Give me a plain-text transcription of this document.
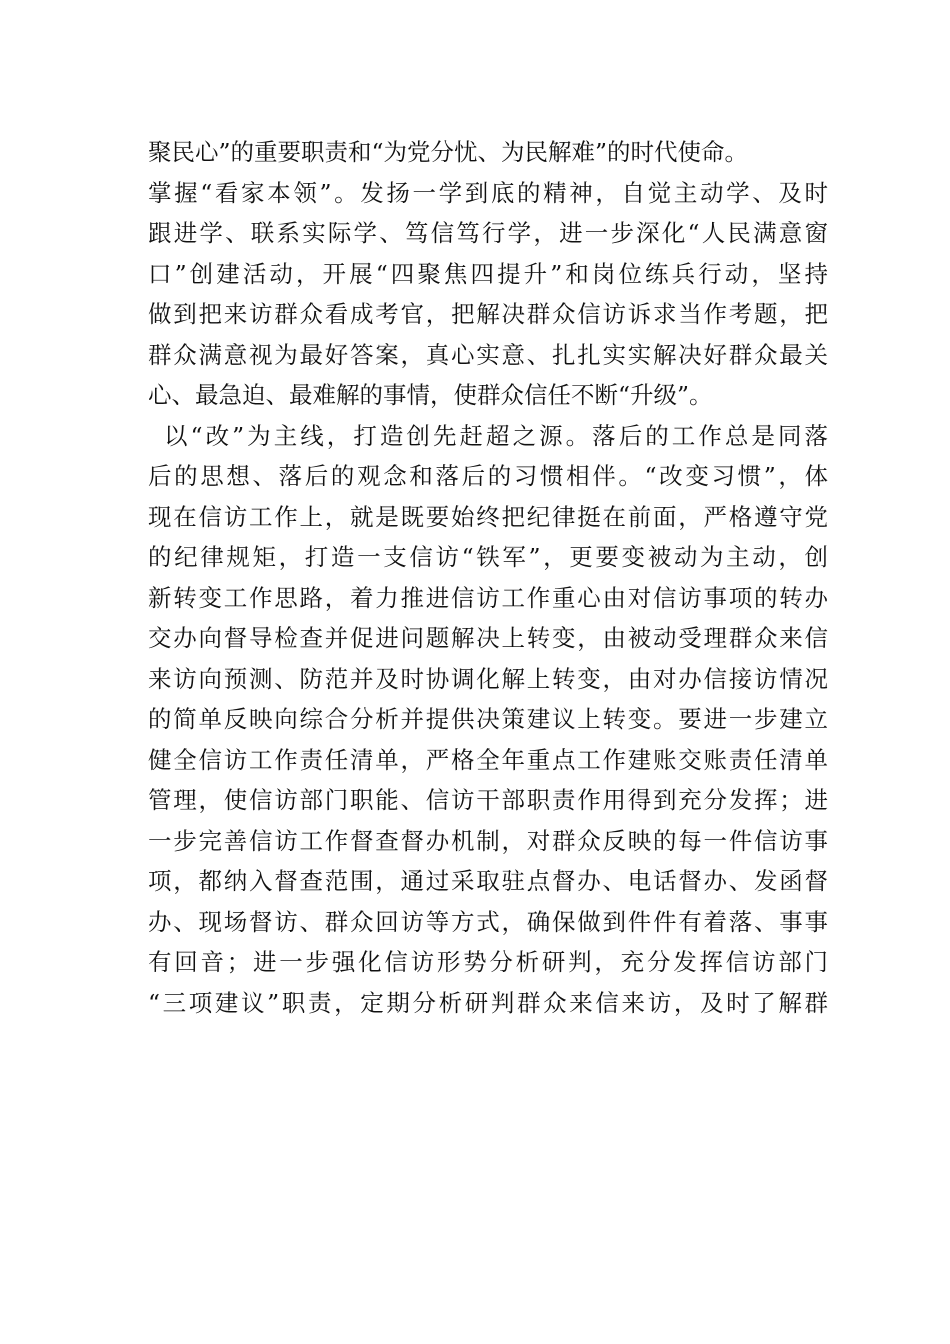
聚民心”的重要职责和“为党分忧、为民解难”的时代使命。
掌握“看家本领”。发扬一学到底的精神，自觉主动学、及时
跟进学、联系实际学、笃信笃行学，进一步深化“人民满意窗
口”创建活动，开展“四聚焦四提升”和岗位练兵行动，坚持
做到把来访群众看成考官，把解决群众信访诉求当作考题，把
群众满意视为最好答案，真心实意、扎扎实实解决好群众最关
心、最急迫、最难解的事情，使群众信任不断“升级”。
以“改”为主线，打造创先赶超之源。落后的工作总是同落
后的思想、落后的观念和落后的习惯相伴。“改变习惯”，体
现在信访工作上，就是既要始终把纪律挺在前面，严格遵守党
的纪律规矩，打造一支信访“铁军”，更要变被动为主动，创
新转变工作思路，着力推进信访工作重心由对信访事项的转办
交办向督导检查并促进问题解决上转变，由被动受理群众来信
来访向预测、防范并及时协调化解上转变，由对办信接访情况
的简单反映向综合分析并提供决策建议上转变。要进一步建立
健全信访工作责任清单，严格全年重点工作建账交账责任清单
管理，使信访部门职能、信访干部职责作用得到充分发挥；进
一步完善信访工作督查督办机制，对群众反映的每一件信访事
项，都纳入督查范围，通过采取驻点督办、电话督办、发函督
办、现场督访、群众回访等方式，确保做到件件有着落、事事
有回音；进一步强化信访形势分析研判，充分发挥信访部门
“三项建议”职责，定期分析研判群众来信来访，及时了解群
